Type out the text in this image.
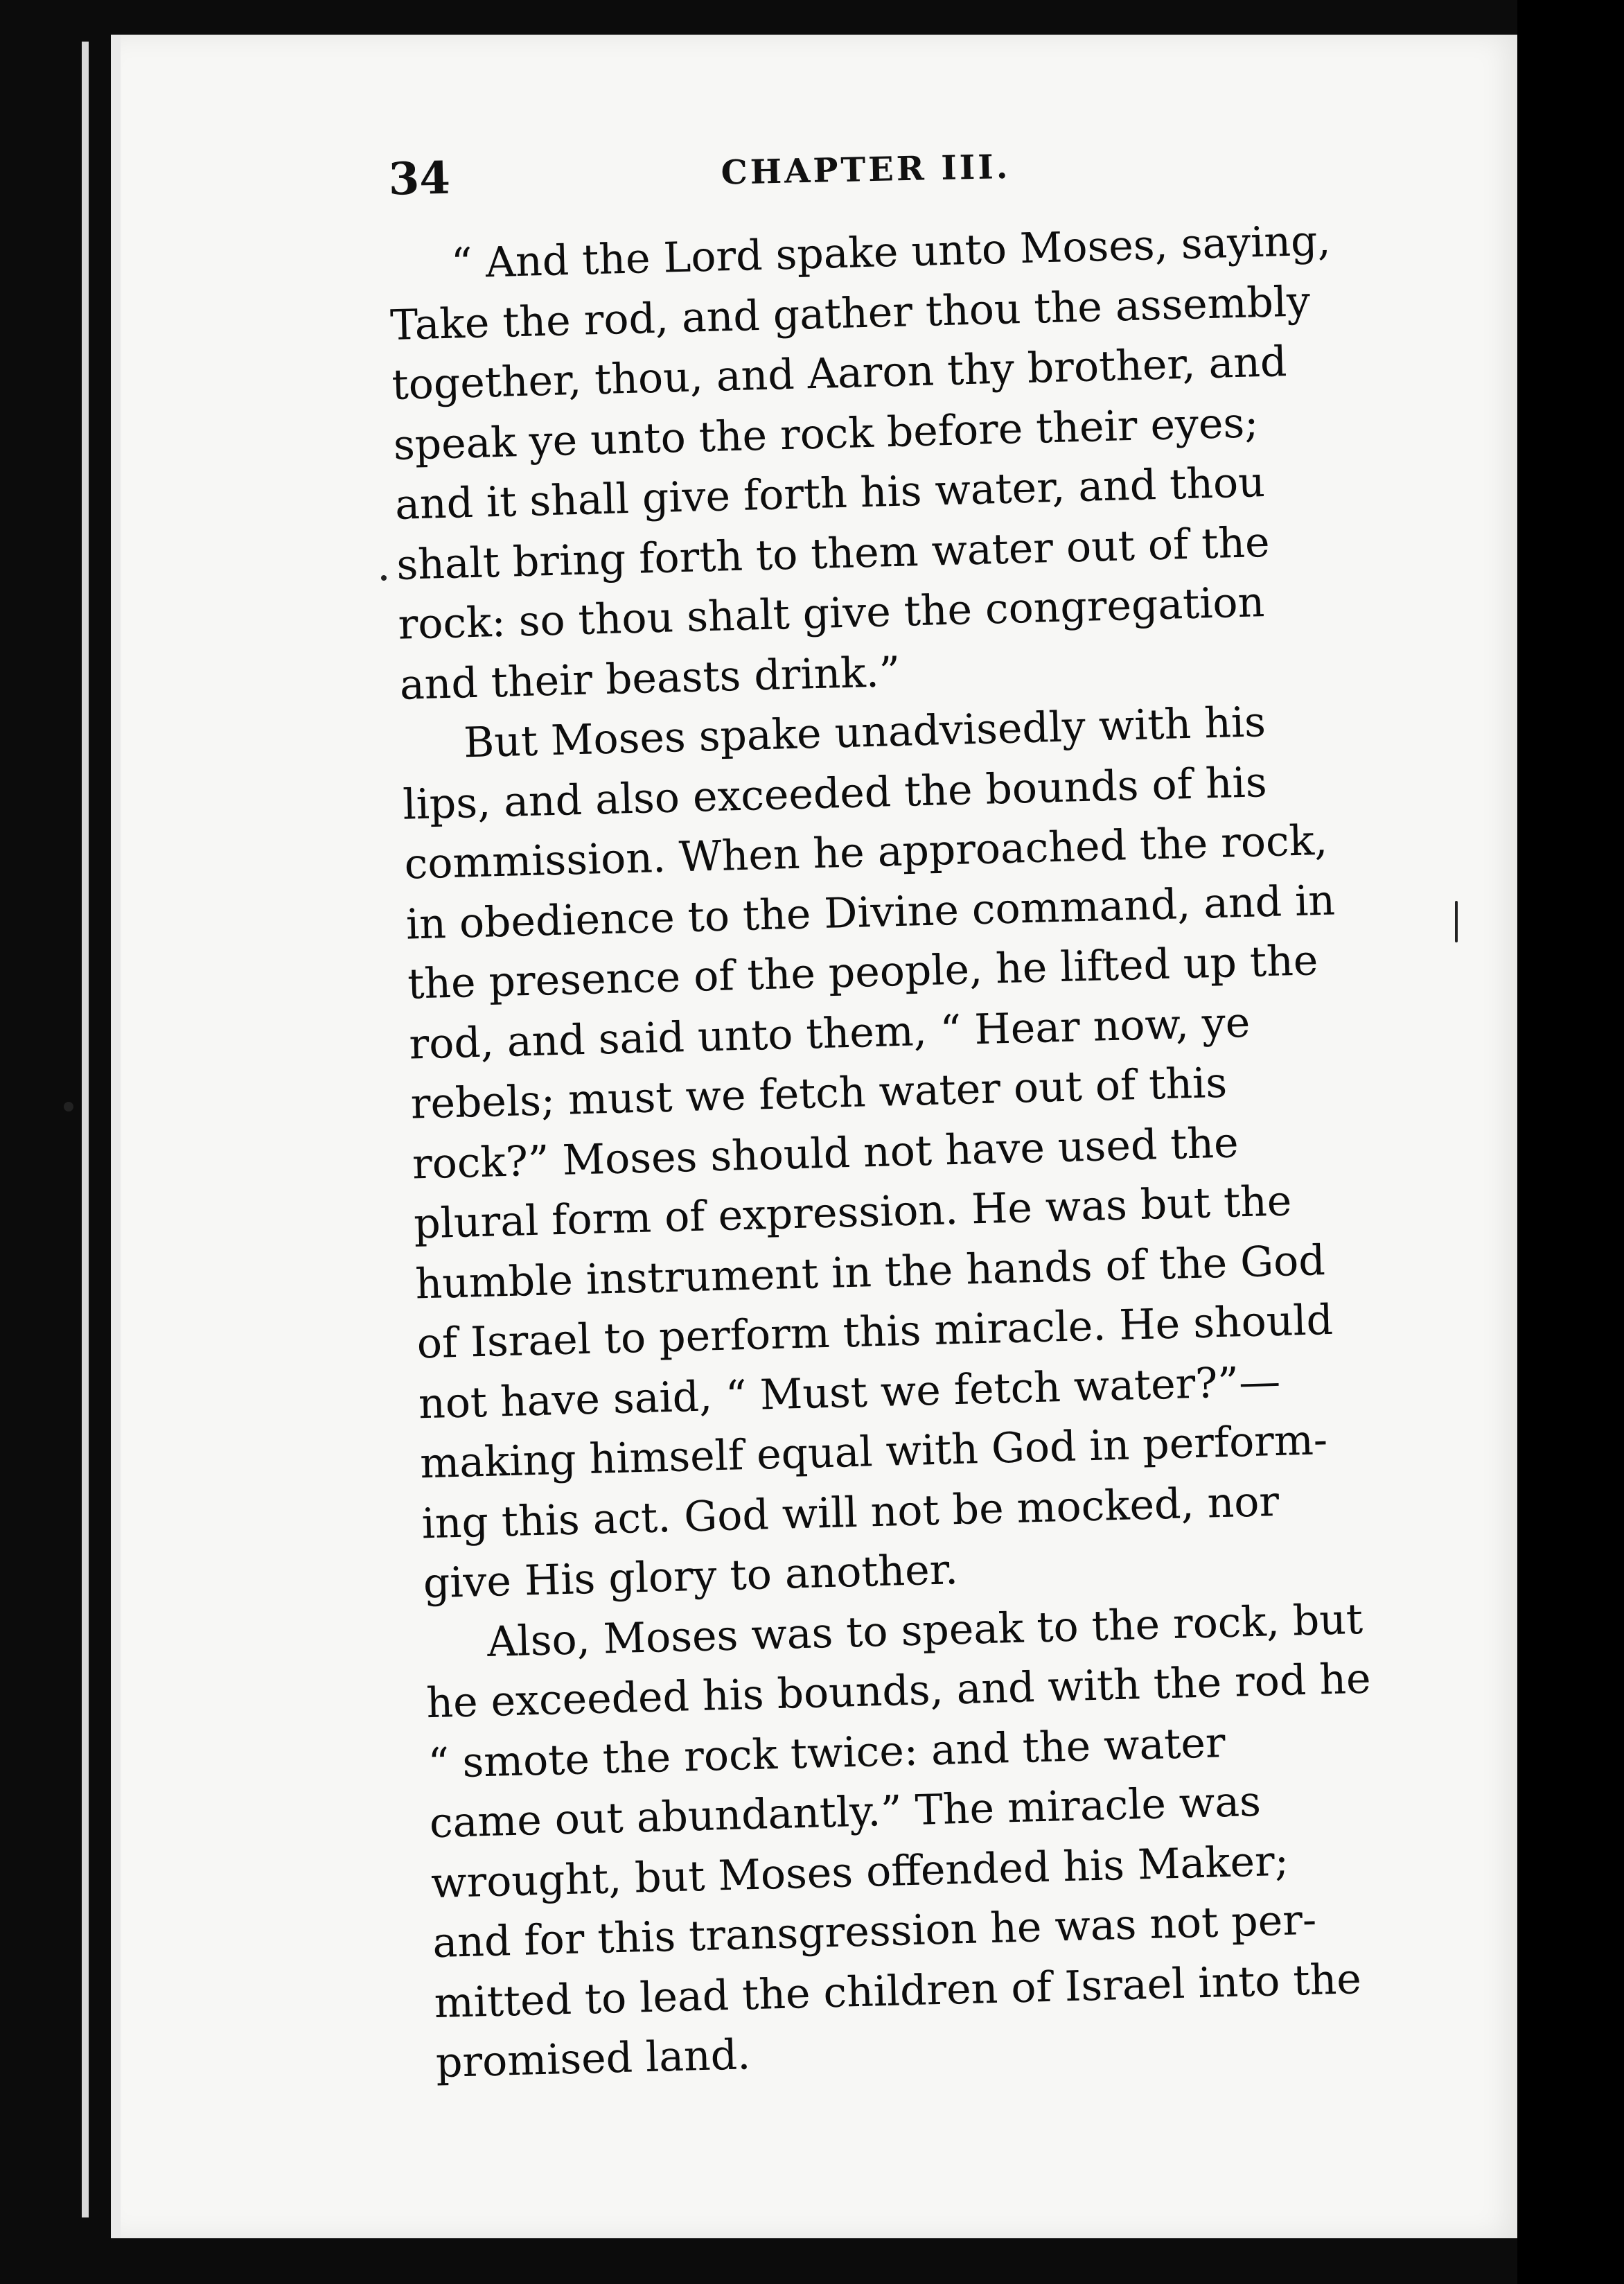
34	CHAPTER III.
“ And the Lord spake unto Moses, saying,
Take the rod, and gather thou the assembly
together, thou, and Aaron thy brother, and
speak ye unto the rock before their eyes;
and it shall give forth his water, and thou
shalt bring forth to them water out of the
rock: so thou shalt give the congregation
and their beasts drink.”
But Moses spake unadvisedly with his
lips, and also exceeded the bounds of his
commission. When he approached the rock,
in obedience to the Divine command, and in
the presence of the people, he lifted up the
rod, and said unto them, “ Hear now, ye
rebels; must we fetch water out of this
rock?” Moses should not have used the
plural form of expression. He was but the
humble instrument in the hands of the God
of Israel to perform this miracle. He should
not have said, “ Must we fetch water?”—
making himself equal with God in perform-
ing this act. God will not be mocked, nor
give His glory to another.
Also, Moses was to speak to the rock, but
he exceeded his bounds, and with the rod he
“ smote the rock twice: and the water
came out abundantly.” The miracle was
wrought, but Moses offended his Maker;
and for this transgression he was not per-
mitted to lead the children of Israel into the
promised land.
